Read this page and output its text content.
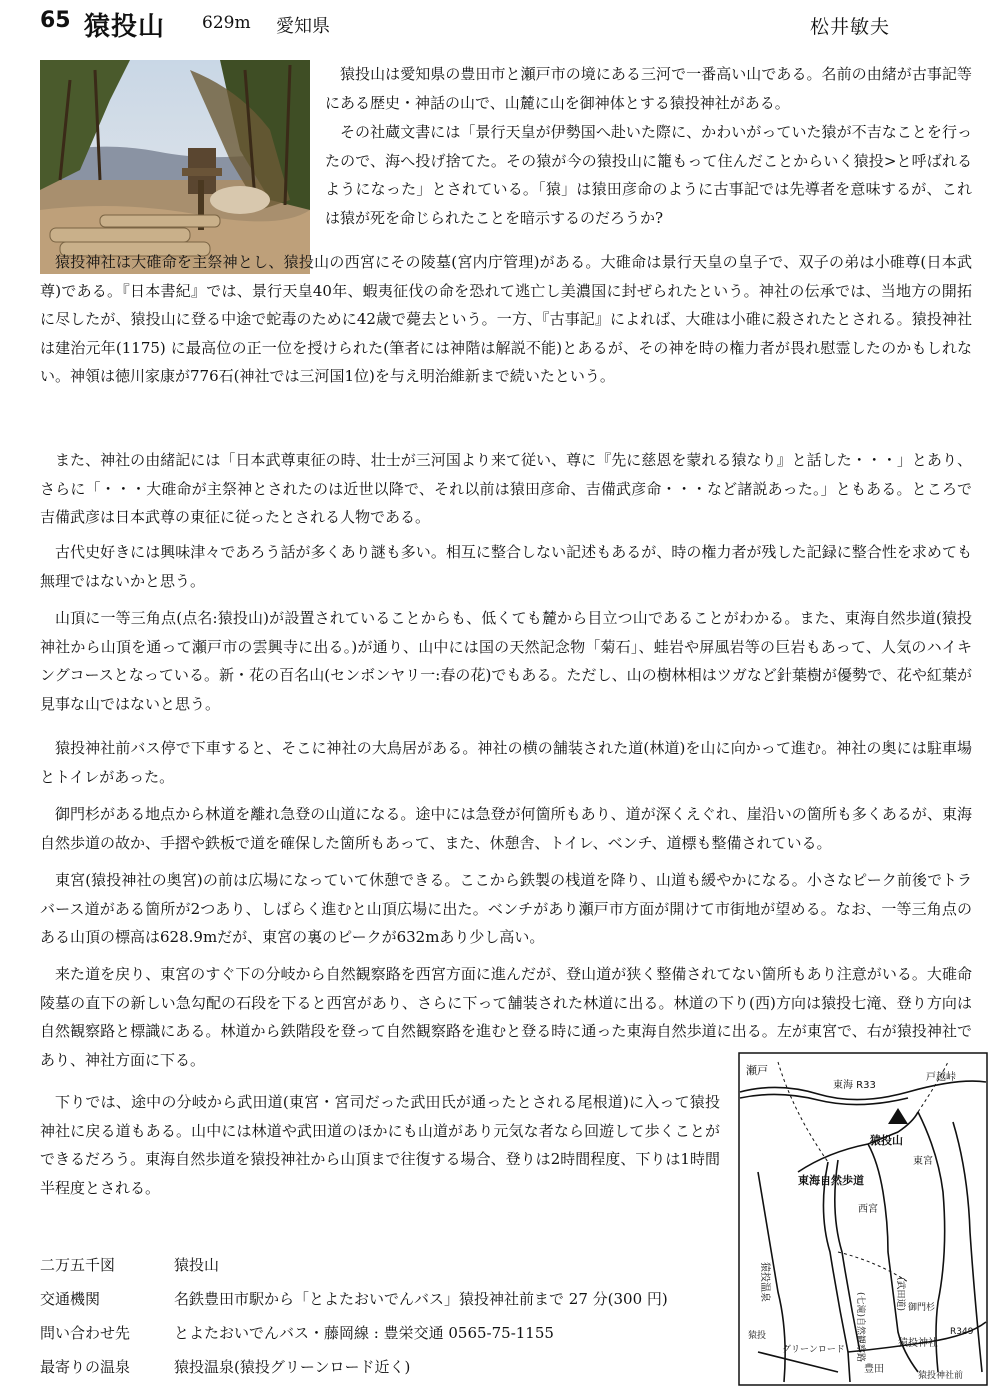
65 猿投山 629m 愛知県	松井敏夫

猿投山は愛知県の豊田市と瀬戸市の境にある三河で一番高い山である。名前の由緒が古事記等にある歴史・神話の山で、山麓に山を御神体とする猿投神社がある。

その社蔵文書には「景行天皇が伊勢国へ赴いた際に、かわいがっていた猿が不吉なことを行ったので、海へ投げ捨てた。その猿が今の猿投山に籠もって住んだことからいく猿投>と呼ばれるようになった」とされている。「猿」は猿田彦命のように古事記では先導者を意味するが、これは猿が死を命じられたことを暗示するのだろうか?

猿投神社は大碓命を主祭神とし、猿投山の西宮にその陵墓(宮内庁管理)がある。大碓命は景行天皇の皇子で、双子の弟は小碓尊(日本武尊)である。『日本書紀』では、景行天皇40年、蝦夷征伐の命を恐れて逃亡し美濃国に封ぜられたという。神社の伝承では、当地方の開拓に尽したが、猿投山に登る中途で蛇毒のために42歳で薨去という。一方、『古事記』によれば、大碓は小碓に殺されたとされる。猿投神社は建治元年(1175) に最高位の正一位を授けられた(筆者には神階は解説不能)とあるが、その神を時の権力者が畏れ慰霊したのかもしれない。神領は徳川家康が776石(神社では三河国1位)を与え明治維新まで続いたという。

また、神社の由緒記には「日本武尊東征の時、壮士が三河国より来て従い、尊に『先に慈恩を蒙れる猿なり』と話した・・・」とあり、さらに「・・・大碓命が主祭神とされたのは近世以降で、それ以前は猿田彦命、吉備武彦命・・・など諸説あった。」ともある。ところで吉備武彦は日本武尊の東征に従ったとされる人物である。

古代史好きには興味津々であろう話が多くあり謎も多い。相互に整合しない記述もあるが、時の権力者が残した記録に整合性を求めても無理ではないかと思う。

山頂に一等三角点(点名:猿投山)が設置されていることからも、低くても麓から目立つ山であることがわかる。また、東海自然歩道(猿投神社から山頂を通って瀬戸市の雲興寺に出る。)が通り、山中には国の天然記念物「菊石」、蛙岩や屏風岩等の巨岩もあって、人気のハイキングコースとなっている。新・花の百名山(センボンヤリ一:春の花)でもある。ただし、山の樹林相はツガなど針葉樹が優勢で、花や紅葉が見事な山ではないと思う。

猿投神社前バス停で下車すると、そこに神社の大鳥居がある。神社の横の舗装された道(林道)を山に向かって進む。神社の奥には駐車場とトイレがあった。

御門杉がある地点から林道を離れ急登の山道になる。途中には急登が何箇所もあり、道が深くえぐれ、崖沿いの箇所も多くあるが、東海自然歩道の故か、手摺や鉄板で道を確保した箇所もあって、また、休憩舎、トイレ、ベンチ、道標も整備されている。

東宮(猿投神社の奥宮)の前は広場になっていて休憩できる。ここから鉄製の桟道を降り、山道も緩やかになる。小さなピーク前後でトラバース道がある箇所が2つあり、しばらく進むと山頂広場に出た。ベンチがあり瀬戸市方面が開けて市街地が望める。なお、一等三角点のある山頂の標高は628.9mだが、東宮の裏のピークが632mあり少し高い。

来た道を戻り、東宮のすぐ下の分岐から自然観察路を西宮方面に進んだが、登山道が狭く整備されてない箇所もあり注意がいる。大碓命陵墓の直下の新しい急勾配の石段を下ると西宮があり、さらに下って舗装された林道に出る。林道の下り(西)方向は猿投七滝、登り方向は自然観察路と標識にある。林道から鉄階段を登って自然観察路を進むと登る時に通った東海自然歩道に出る。左が東宮で、右が猿投神社であり、神社方面に下る。

下りでは、途中の分岐から武田道(東宮・宮司だった武田氏が通ったとされる尾根道)に入って猿投神社に戻る道もある。山中には林道や武田道のほかにも山道があり元気な者なら回遊して歩くことができるだろう。東海自然歩道を猿投神社から山頂まで往復する場合、登りは2時間程度、下りは1時間半程度とされる。

二万五千図	猿投山
交通機関	名鉄豊田市駅から「とよたおいでんバス」猿投神社前まで 27 分(300 円)
問い合わせ先	とよたおいでんバス・藤岡線 : 豊栄交通 0565-75-1155
最寄りの温泉	猿投温泉(猿投グリーンロード近く)
瀬戸
東海 R33
戸越峠
猿投山
東宮
東海自然歩道
西宮
(七滝)自然観察路	(武田道) 御門杉
猿投温泉
グリーンロード
猿投神社
R349
猿投
豊田
猿投神社前
